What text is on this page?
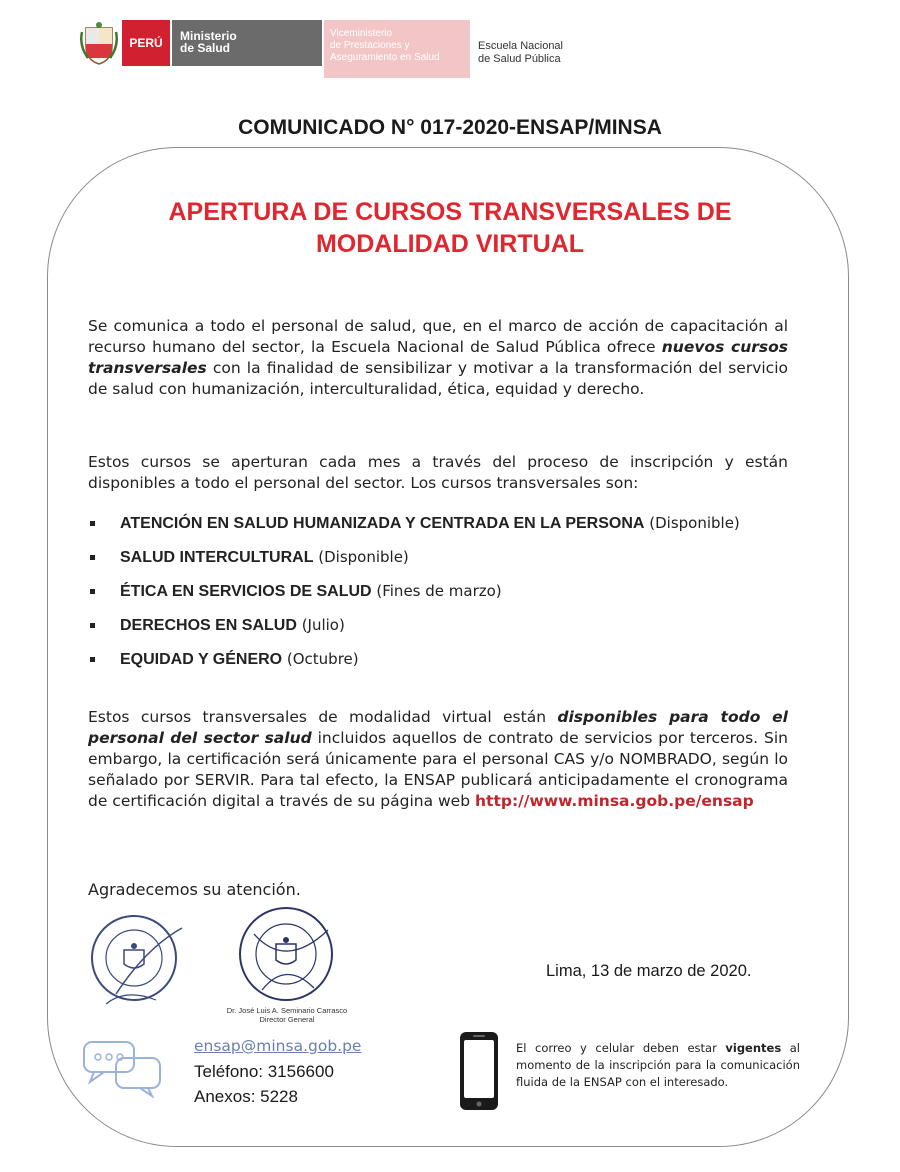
PERÚ	Ministerio
de Salud
Viceministerio
de Prestaciones y
Aseguramiento en Salud
Escuela Nacional
de Salud Pública
COMUNICADO N° 017-2020-ENSAP/MINSA
APERTURA DE CURSOS TRANSVERSALES DE
MODALIDAD VIRTUAL
Se comunica a todo el personal de salud, que, en el marco de acción de capacitación al recurso humano del sector, la Escuela Nacional de Salud Pública ofrece nuevos cursos transversales con la finalidad de sensibilizar y motivar a la transformación del servicio de salud con humanización, interculturalidad, ética, equidad y derecho.
Estos cursos se aperturan cada mes a través del proceso de inscripción y están disponibles a todo el personal del sector. Los cursos transversales son:
ATENCIÓN EN SALUD HUMANIZADA Y CENTRADA EN LA PERSONA (Disponible)
SALUD INTERCULTURAL (Disponible)
ÉTICA EN SERVICIOS DE SALUD (Fines de marzo)
DERECHOS EN SALUD (Julio)
EQUIDAD Y GÉNERO (Octubre)
Estos cursos transversales de modalidad virtual están disponibles para todo el personal del sector salud incluidos aquellos de contrato de servicios por terceros. Sin embargo, la certificación será únicamente para el personal CAS y/o NOMBRADO, según lo señalado por SERVIR. Para tal efecto, la ENSAP publicará anticipadamente el cronograma de certificación digital a través de su página web http://www.minsa.gob.pe/ensap
Agradecemos su atención.
Dr. José Luis A. Seminario Carrasco
Director General
Lima, 13 de marzo de 2020.
ensap@minsa.gob.pe
Teléfono: 3156600
Anexos: 5228
El correo y celular deben estar vigentes al momento de la inscripción para la comunicación fluida de la ENSAP con el interesado.
